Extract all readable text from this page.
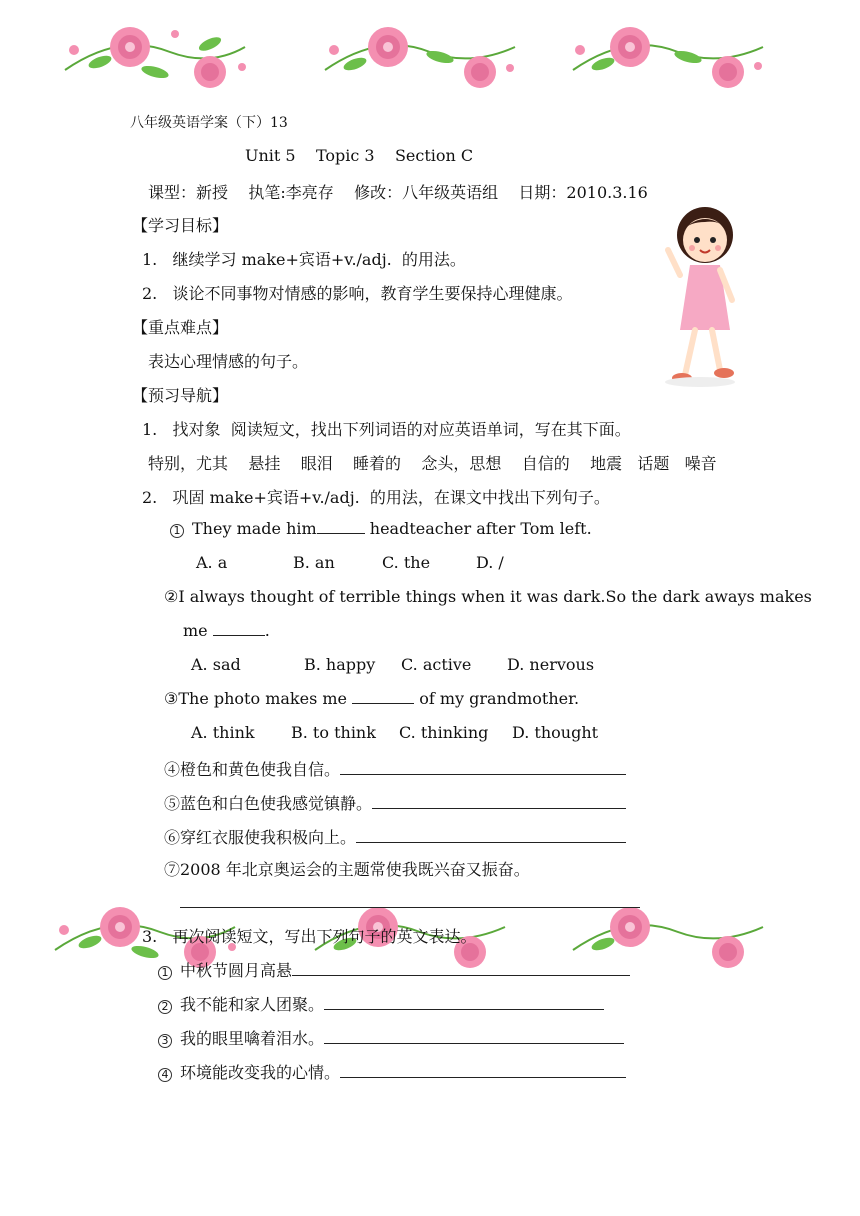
八年级英语学案（下）13
Unit 5    Topic 3    Section C
课型：新授    执笔:李亮存    修改：八年级英语组    日期：2010.3.16
【学习目标】
1.   继续学习 make+宾语+v./adj.  的用法。
2.   谈论不同事物对情感的影响，教育学生要保持心理健康。
【重点难点】
表达心理情感的句子。
【预习导航】
1.   找对象  阅读短文，找出下列词语的对应英语单词，写在其下面。
特别，尤其    悬挂    眼泪    睡着的    念头，思想    自信的    地震   话题   噪音
2.   巩固 make+宾语+v./adj.  的用法，在课文中找出下列句子。
1 They made him	headteacher after Tom left.
A. a	B. an	C. the	D. /
②I always thought of terrible things when it was dark.So the dark aways makes
me	.
A. sad	B. happy C. active D. nervous
③The photo makes me	of my grandmother.
A. think B. to think C. thinking D. thought
④橙色和黄色使我自信。
⑤蓝色和白色使我感觉镇静。
⑥穿红衣服使我积极向上。
⑦2008 年北京奥运会的主题常使我既兴奋又振奋。
3.   再次阅读短文，写出下列句子的英文表达。
1 中秋节圆月高悬
2 我不能和家人团聚。
3 我的眼里噙着泪水。
4 环境能改变我的心情。
